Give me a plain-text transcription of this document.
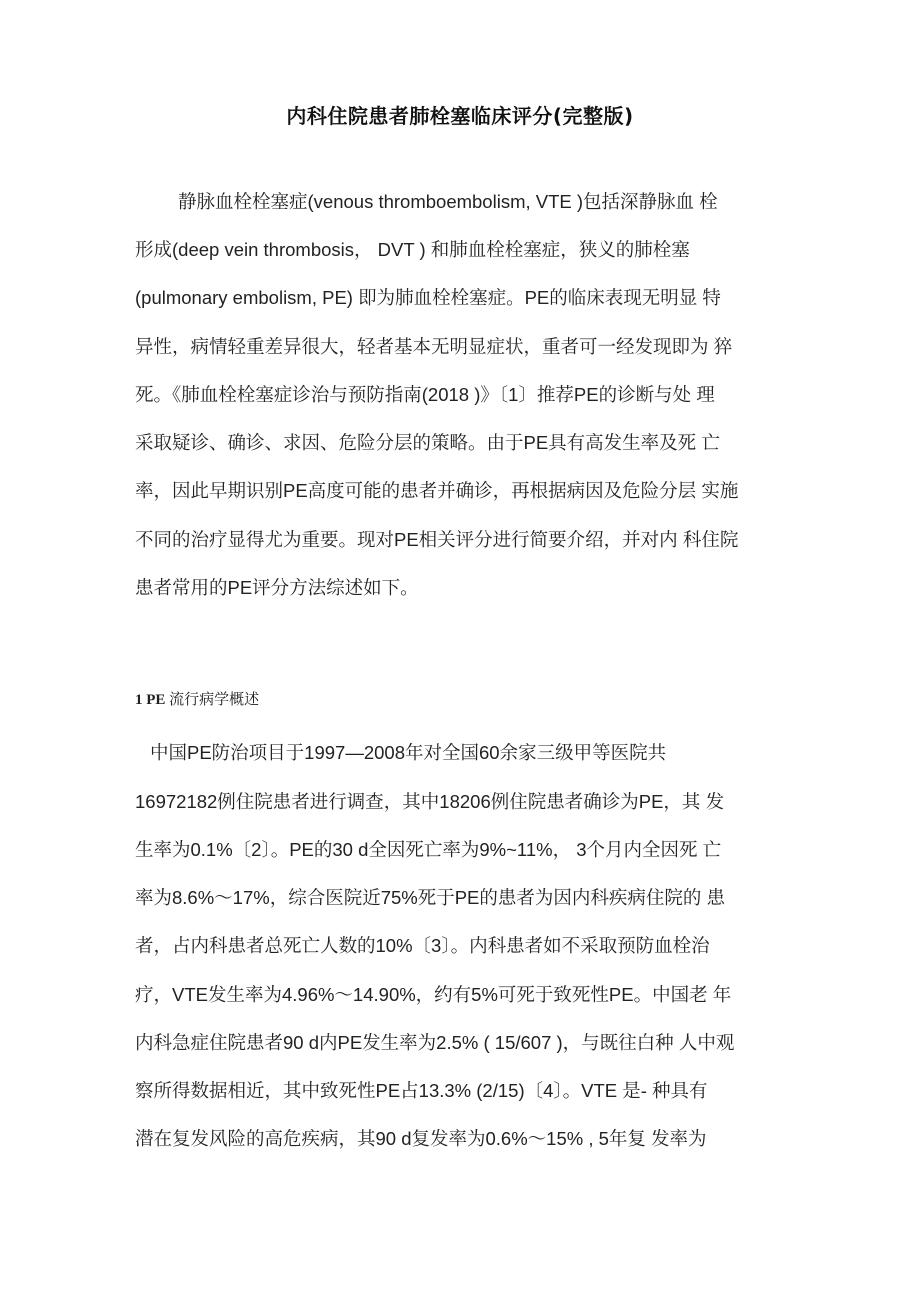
内科住院患者肺栓塞临床评分(完整版)
静脉血栓栓塞症(venous thromboembolism, VTE )包括深静脉血 栓
形成(deep vein thrombosis， DVT ) 和肺血栓栓塞症，狭义的肺栓塞
(pulmonary embolism, PE) 即为肺血栓栓塞症。PE的临床表现无明显 特
异性，病情轻重差异很大，轻者基本无明显症状，重者可一经发现即为 猝
死。《肺血栓栓塞症诊治与预防指南(2018 )》〔1〕推荐PE的诊断与处 理
采取疑诊、确诊、求因、危险分层的策略。由于PE具有高发生率及死 亡
率，因此早期识别PE高度可能的患者并确诊，再根据病因及危险分层 实施
不同的治疗显得尤为重要。现对PE相关评分进行简要介绍，并对内 科住院
患者常用的PE评分方法综述如下。
1 PE 流行病学概述
中国PE防治项目于1997—2008年对全国60余家三级甲等医院共
16972182例住院患者进行调查，其中18206例住院患者确诊为PE，其 发
生率为0.1%〔2〕。PE的30 d全因死亡率为9%~11%， 3个月内全因死 亡
率为8.6%～17%，综合医院近75%死于PE的患者为因内科疾病住院的 患
者，占内科患者总死亡人数的10%〔3〕。内科患者如不采取预防血栓治
疗，VTE发生率为4.96%～14.90%，约有5%可死于致死性PE。中国老 年
内科急症住院患者90 d内PE发生率为2.5% ( 15/607 )，与既往白种 人中观
察所得数据相近，其中致死性PE占13.3% (2/15)〔4〕。VTE 是- 种具有
潜在复发风险的高危疾病，其90 d复发率为0.6%～15% , 5年复 发率为
